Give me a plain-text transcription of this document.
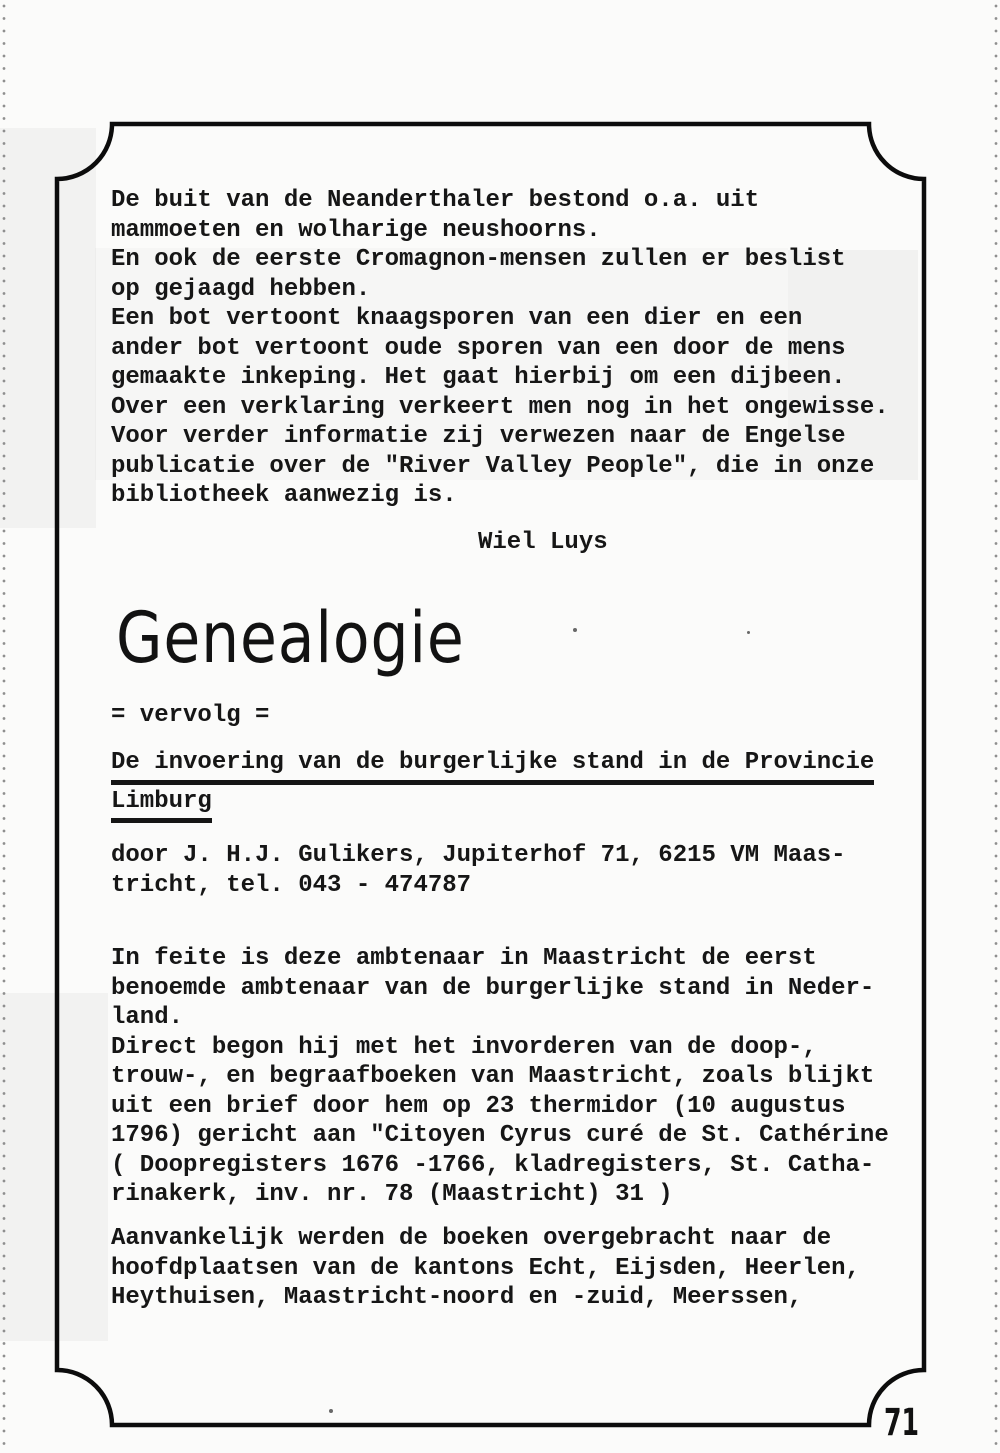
De buit van de Neanderthaler bestond o.a. uit
mammoeten en wolharige neushoorns.
En ook de eerste Cromagnon-mensen zullen er beslist
op gejaagd hebben.
Een bot vertoont knaagsporen van een dier en een
ander bot vertoont oude sporen van een door de mens
gemaakte inkeping. Het gaat hierbij om een dijbeen.
Over een verklaring verkeert men nog in het ongewisse.
Voor verder informatie zij verwezen naar de Engelse
publicatie over de "River Valley People", die in onze
bibliotheek aanwezig is.
Wiel Luys
Genealogie
= vervolg =
De invoering van de burgerlijke stand in de Provincie
Limburg
door J. H.J. Gulikers, Jupiterhof 71, 6215 VM Maas-
tricht, tel. 043 - 474787
In feite is deze ambtenaar in Maastricht de eerst
benoemde ambtenaar van de burgerlijke stand in Neder-
land.
Direct begon hij met het invorderen van de doop-,
trouw-, en begraafboeken van Maastricht, zoals blijkt
uit een brief door hem op 23 thermidor (10 augustus
1796) gericht aan "Citoyen Cyrus curé de St. Cathérine
( Doopregisters 1676 -1766, kladregisters, St. Catha-
rinakerk, inv. nr. 78 (Maastricht) 31 )
Aanvankelijk werden de boeken overgebracht naar de
hoofdplaatsen van de kantons Echt, Eijsden, Heerlen,
Heythuisen, Maastricht-noord en -zuid, Meerssen,
71
